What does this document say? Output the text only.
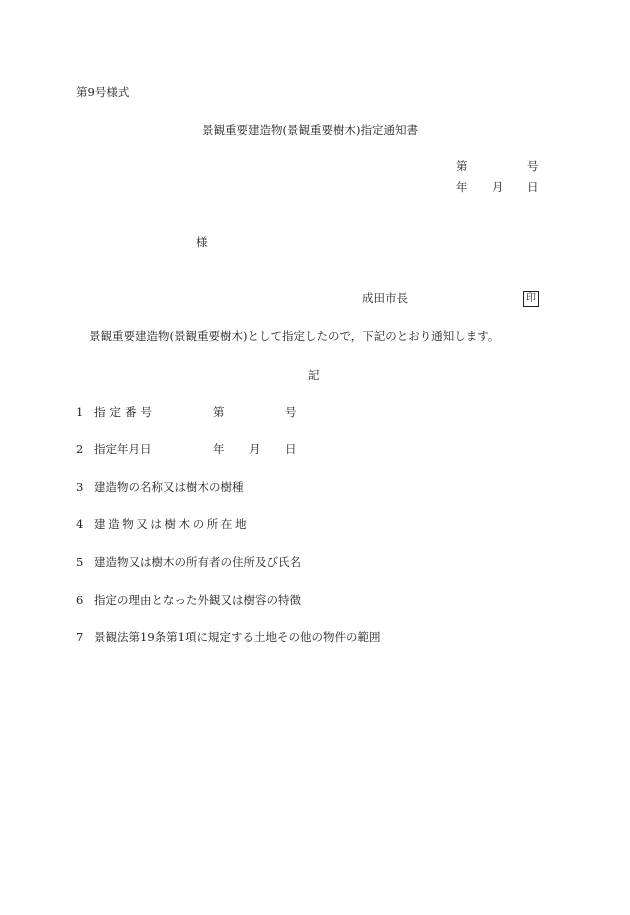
第9号様式
景観重要建造物(景観重要樹木)指定通知書
第	号
年 月 日
様
成田市長	印
景観重要建造物(景観重要樹木)として指定したので，下記のとおり通知します。
記
1 指定番号	第	号
2 指定年月日	年 月 日
3 建造物の名称又は樹木の樹種
4 建造物又は樹木の所在地
5 建造物又は樹木の所有者の住所及び氏名
6 指定の理由となった外観又は樹容の特徴
7 景観法第19条第1項に規定する土地その他の物件の範囲
